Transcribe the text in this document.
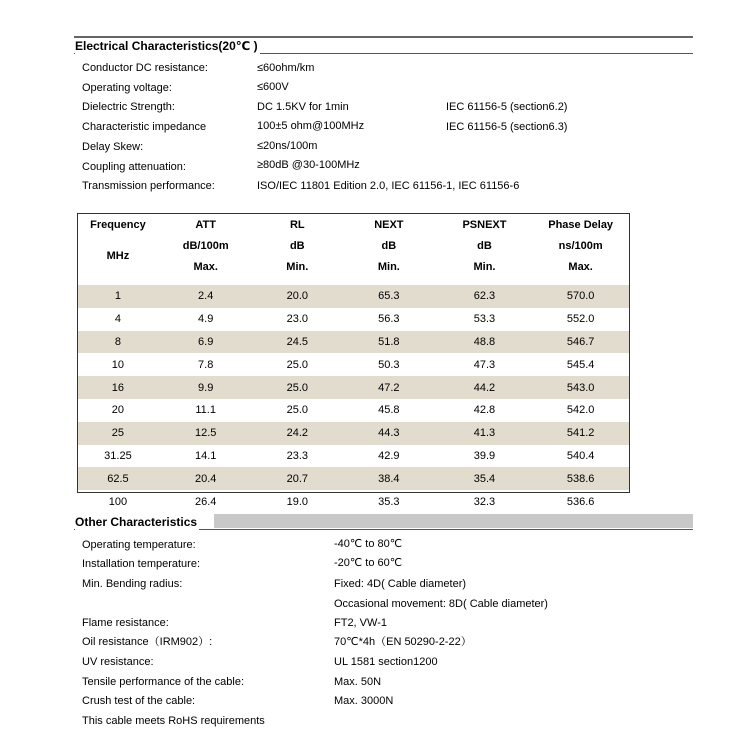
Electrical Characteristics(20℃ )
Conductor DC resistance:	≤60ohm/km
Operating voltage:	≤600V
Dielectric Strength:	DC 1.5KV for 1min	IEC 61156-5 (section6.2)
Characteristic impedance	100±5 ohm@100MHz	IEC 61156-5 (section6.3)
Delay Skew:	≤20ns/100m
Coupling attenuation:	≥80dB @30-100MHz
Transmission performance:	ISO/IEC 11801 Edition 2.0, IEC 61156-1, IEC 61156-6
Frequency	ATT	RL	NEXT	PSNEXT	Phase Delay
MHz	dB/100m	dB	dB	dB	ns/100m
	Max.	Min.	Min.	Min.	Max.

1	2.4	20.0	65.3	62.3	570.0
4	4.9	23.0	56.3	53.3	552.0
8	6.9	24.5	51.8	48.8	546.7
10	7.8	25.0	50.3	47.3	545.4
16	9.9	25.0	47.2	44.2	543.0
20	11.1	25.0	45.8	42.8	542.0
25	12.5	24.2	44.3	41.3	541.2
31.25	14.1	23.3	42.9	39.9	540.4
62.5	20.4	20.7	38.4	35.4	538.6
100	26.4	19.0	35.3	32.3	536.6
Other Characteristics
Operating temperature:	-40℃ to 80℃
Installation temperature:	-20℃ to 60℃
Min. Bending radius:	Fixed: 4D( Cable diameter)
Occasional movement: 8D( Cable diameter)
Flame resistance:	FT2, VW-1
Oil resistance（IRM902）:	70℃*4h（EN 50290-2-22）
UV resistance:	UL 1581 section1200
Tensile performance of the cable:	Max. 50N
Crush test of the cable:	Max. 3000N
This cable meets RoHS requirements
